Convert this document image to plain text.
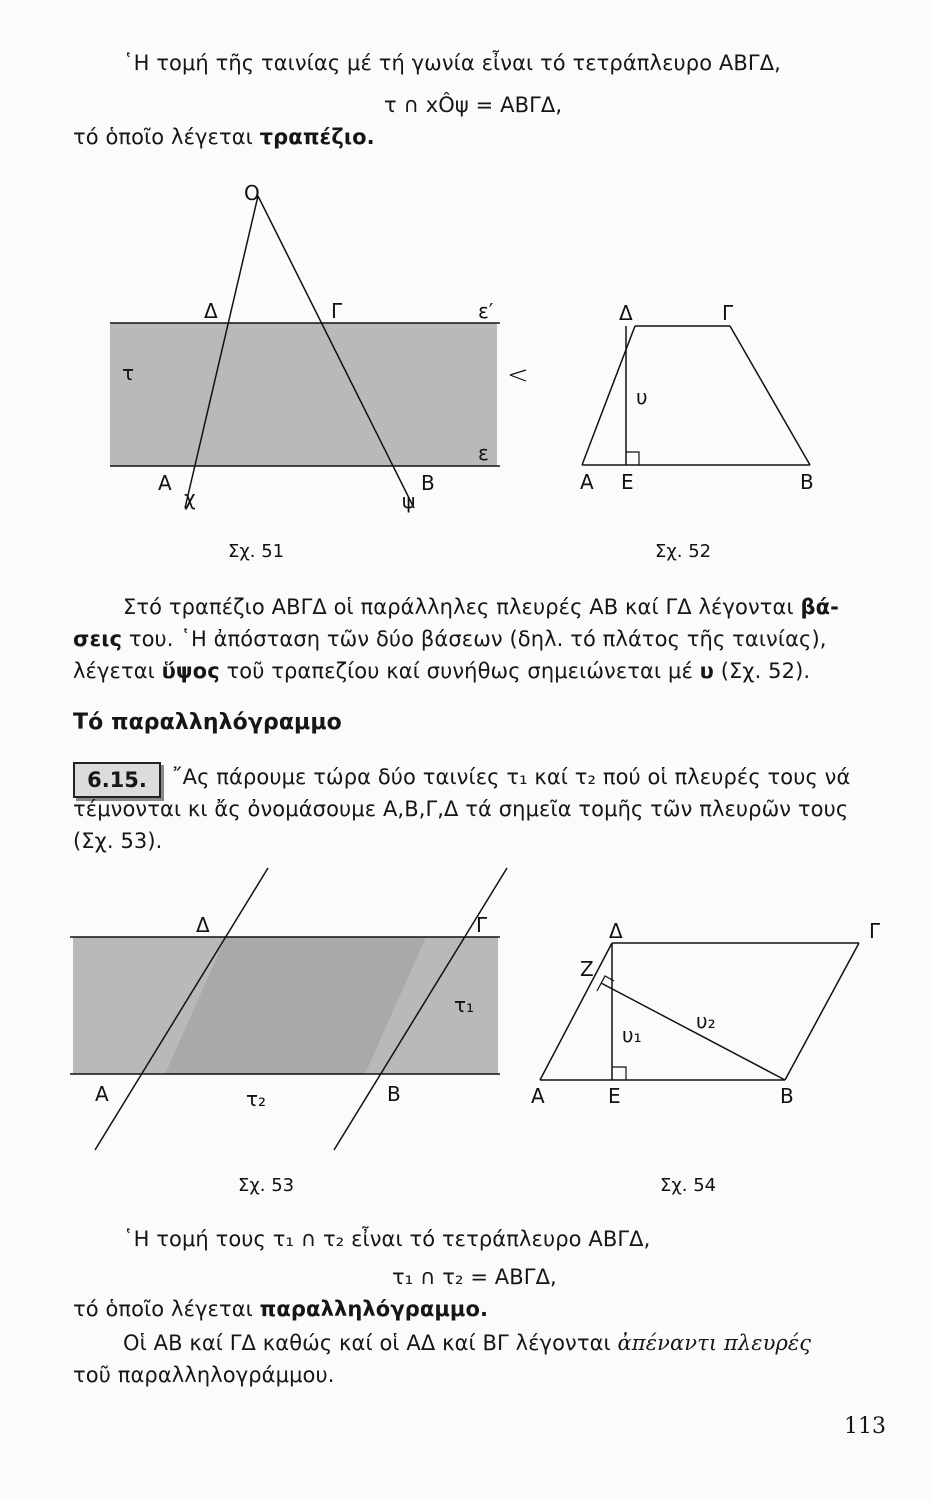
῾Η τομή τῆς ταινίας μέ τή γωνία εἶναι τό τετράπλευρο ΑΒΓΔ,
τ ∩ xÔψ = ΑΒΓΔ,
τό ὁποῖο λέγεται τραπέζιο.
O
Δ	Γ	ε′
τ
ε
Α	Β
χ	ψ
Σχ. 51
Δ	Γ
υ
Α Ε	Β
Σχ. 52
Στό τραπέζιο ΑΒΓΔ οἱ παράλληλες πλευρές ΑΒ καί ΓΔ λέγονται βά-
σεις του. ῾Η ἀπόσταση τῶν δύο βάσεων (δηλ. τό πλάτος τῆς ταινίας),
λέγεται ὕψος τοῦ τραπεζίου καί συνήθως σημειώνεται μέ υ (Σχ. 52).
Τό παραλληλόγραμμο
6.15.	῎Ας πάρουμε τώρα δύο ταινίες τ₁ καί τ₂ πού οἱ πλευρές τους νά
τέμνονται κι ἄς ὀνομάσουμε Α,Β,Γ,Δ τά σημεῖα τομῆς τῶν πλευρῶν τους
(Σχ. 53).
Δ	Γ
τ₁
Α	τ₂	Β
Σχ. 53
Δ	Γ
Ζ
υ₁
υ₂
Α	Ε	Β
Σχ. 54
῾Η τομή τους τ₁ ∩ τ₂ εἶναι τό τετράπλευρο ΑΒΓΔ,
τ₁ ∩ τ₂ = ΑΒΓΔ,
τό ὁποῖο λέγεται παραλληλόγραμμο.
Οἱ ΑΒ καί ΓΔ καθώς καί οἱ ΑΔ καί ΒΓ λέγονται ἀπέναντι πλευρές
τοῦ παραλληλογράμμου.
113
